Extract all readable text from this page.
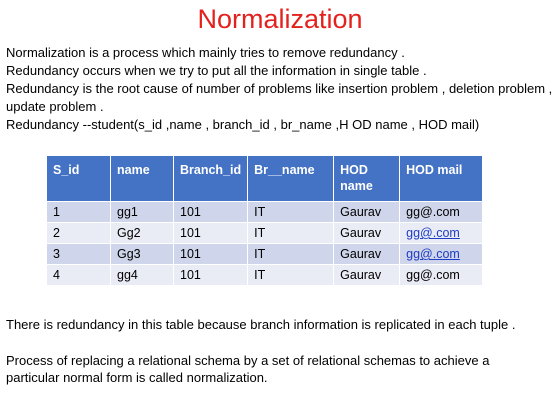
Normalization

Normalization is a process which mainly tries to remove redundancy .

Redundancy occurs when we try to put all the information in single table .

Redundancy is the root cause of number of problems like insertion problem , deletion problem , update problem .

Redundancy --student(s_id ,name , branch_id , br_name ,H OD name , HOD mail)

S_id	name	Branch_id	Br__name	HOD name	HOD mail
1	gg1	101	IT	Gaurav	gg@.com
2	Gg2	101	IT	Gaurav	gg@.com
3	Gg3	101	IT	Gaurav	gg@.com
4	gg4	101	IT	Gaurav	gg@.com

There is redundancy in this table because branch information is replicated in each tuple .

Process of replacing a relational schema by a set of relational schemas to achieve a particular normal form is called normalization.
